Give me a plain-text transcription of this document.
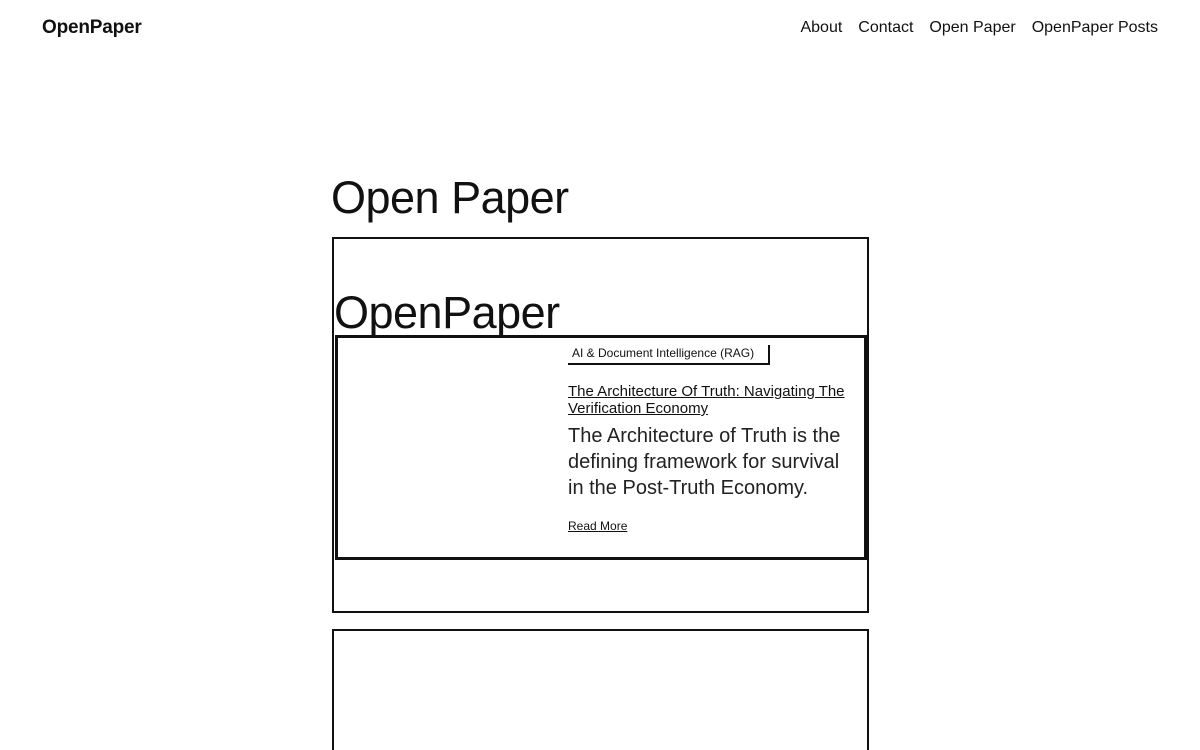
OpenPaper	About Contact Open Paper OpenPaper Posts
Open Paper
OpenPaper
AI & Document Intelligence (RAG)
The Architecture Of Truth: Navigating The Verification Economy

The Architecture of Truth is the defining framework for survival in the Post-Truth Economy.

Read More
